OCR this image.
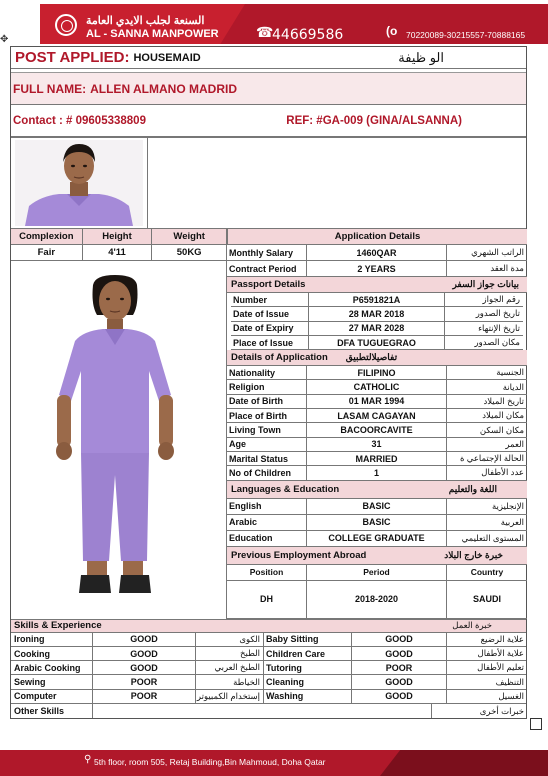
السنعة لجلب الايدي العامة
AL - SANNA MANPOWER	☎
44669586	(o 70220089-30215557-70888165
✥
POST APPLIED: HOUSEMAID	الو ظيفة
FULL NAME: ALLEN ALMANO MADRID
Contact : # 09605338809	REF: #GA-009 (GINA/ALSANNA)
Complexion	Height	Weight
Fair	4'11	50KG
Application Details
Monthly Salary	1460QAR	الراتب الشهري
Contract Period	2 YEARS	مدة العقد
Passport Details	بيانات جواز السفر
Number	P6591821A	رقم الجواز
Date of Issue	28 MAR 2018	تاريخ الصدور
Date of Expiry	27 MAR 2028	تاريخ الإنتهاء
Place of Issue	DFA TUGUEGRAO	مكان الصدور
Details of Application تفاصيلالتطبيق
Nationality	FILIPINO	الجنسية
Religion	CATHOLIC	الديانة
Date of Birth	01 MAR 1994	تاريخ الميلاد
Place of Birth	LASAM CAGAYAN	مكان الميلاد
Living Town	BACOORCAVITE	مكان السكن
Age	31	العمر
Marital Status	MARRIED	الحالة الإجتماعي ة
No of Children	1	عدد الأطفال
Languages & Education	اللغة والتعليم
English	BASIC	الإنجليزية
Arabic	BASIC	العربية
Education	COLLEGE GRADUATE	المستوى التعليمي
Previous Employment Abroad	خبرة خارج البلاد
Position	Period	Country
DH	2018-2020	SAUDI
Skills & Experience	خبرة العمل
Ironing	GOOD	الكوى Baby Sitting	GOOD	علاية الرضيع
Cooking	GOOD	الطبخ Children Care	GOOD	علاية الأطفال
Arabic Cooking	GOOD	الطبخ العربي Tutoring	POOR	تعليم الأطفال
Sewing	POOR	الخياطة Cleaning	GOOD	التنظيف
Computer	POOR	إستخدام الكمبيوتر Washing	GOOD	الغسيل
Other Skills	خبرات أخرى
⚲ 5th floor, room 505, Retaj Building,Bin Mahmoud, Doha Qatar
